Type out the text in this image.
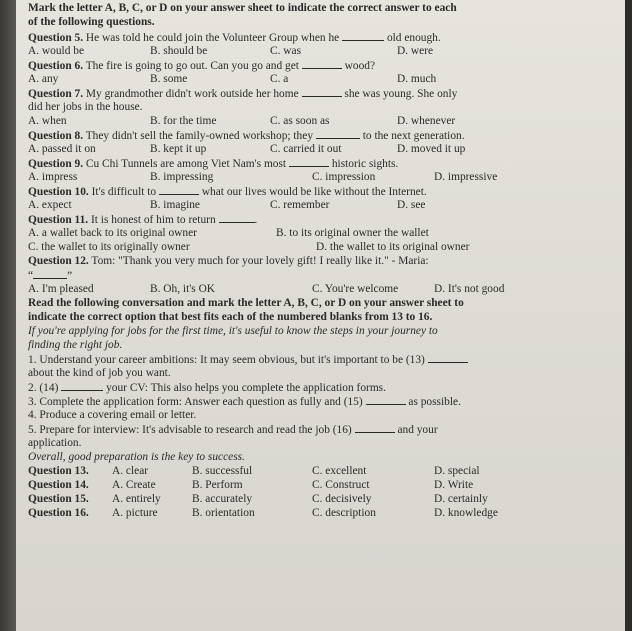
Mark the letter A, B, C, or D on your answer sheet to indicate the correct answer to each
of the following questions.
Question 5. He was told he could join the Volunteer Group when he	old enough.
A. would be	B. should be	C. was	D. were
Question 6. The fire is going to go out. Can you go and get	wood?
A. any	B. some	C. a	D. much
Question 7. My grandmother didn't work outside her home	she was young. She only
did her jobs in the house.
A. when	B. for the time	C. as soon as	D. whenever
Question 8. They didn't sell the family-owned workshop; they	to the next generation.
A. passed it on	B. kept it up	C. carried it out	D. moved it up
Question 9. Cu Chi Tunnels are among Viet Nam's most	historic sights.
A. impress	B. impressing	C. impression	D. impressive
Question 10. It's difficult to	what our lives would be like without the Internet.
A. expect	B. imagine	C. remember	D. see
Question 11. It is honest of him to return	.
A. a wallet back to its original owner	B. to its original owner the wallet
C. the wallet to its originally owner	D. the wallet to its original owner
Question 12. Tom: "Thank you very much for your lovely gift! I really like it." - Maria:
“	”
A. I'm pleased	B. Oh, it's OK	C. You're welcome	D. It's not good
Read the following conversation and mark the letter A, B, C, or D on your answer sheet to
indicate the correct option that best fits each of the numbered blanks from 13 to 16.
If you're applying for jobs for the first time, it's useful to know the steps in your journey to
finding the right job.
1. Understand your career ambitions: It may seem obvious, but it's important to be (13)
about the kind of job you want.
2. (14)	your CV: This also helps you complete the application forms.
3. Complete the application form: Answer each question as fully and (15)	as possible.
4. Produce a covering email or letter.
5. Prepare for interview: It's advisable to research and read the job (16)	and your
application.
Overall, good preparation is the key to success.
Question 13. A. clear	B. successful	C. excellent	D. special
Question 14. A. Create	B. Perform	C. Construct	D. Write
Question 15. A. entirely	B. accurately	C. decisively	D. certainly
Question 16. A. picture	B. orientation	C. description	D. knowledge
